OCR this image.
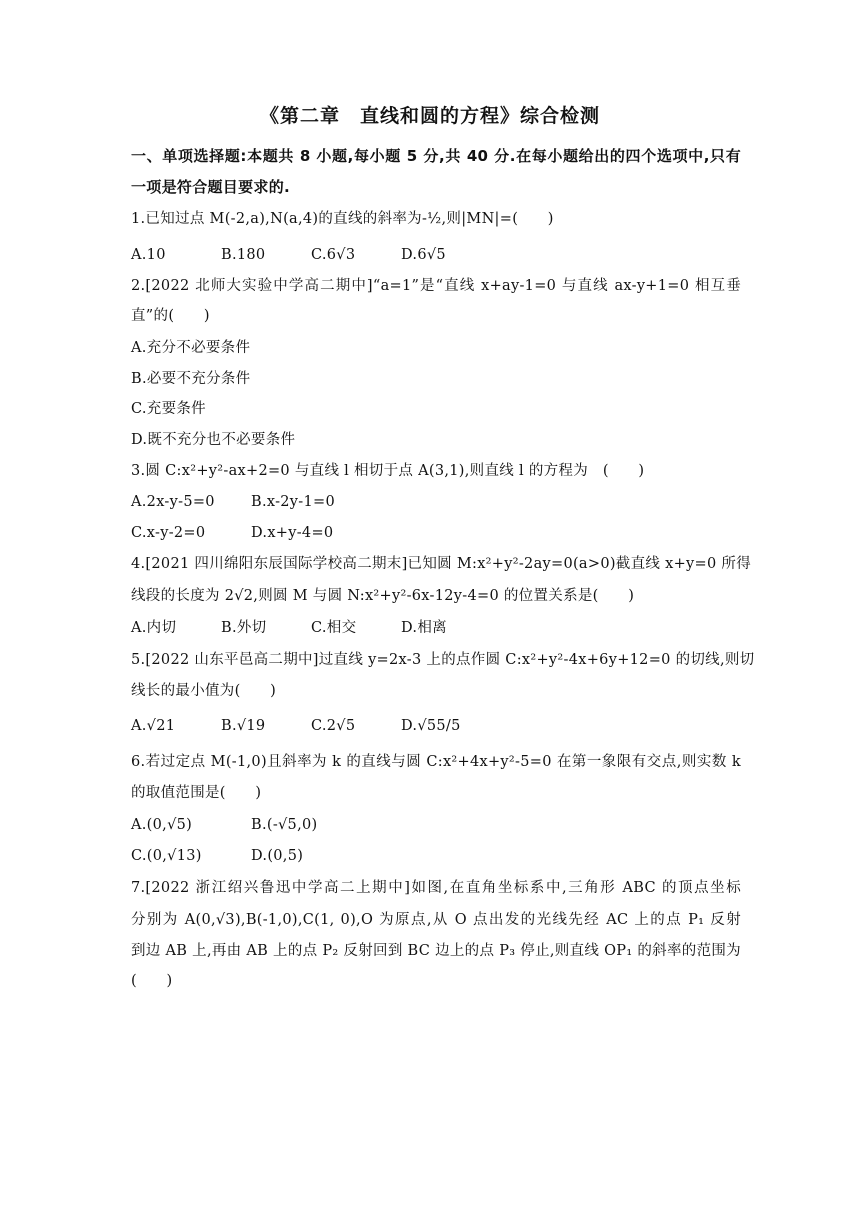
《第二章　直线和圆的方程》综合检测
一、单项选择题:本题共 8 小题,每小题 5 分,共 40 分.在每小题给出的四个选项中,只有
一项是符合题目要求的.
1.已知过点 M(-2,a),N(a,4)的直线的斜率为-½,则|MN|=(　　)
A.10	B.180	C.6√3	D.6√5
2.[2022 北师大实验中学高二期中]“a=1”是“直线 x+ay-1=0 与直线 ax-y+1=0 相互垂
直”的(　　)
A.充分不必要条件
B.必要不充分条件
C.充要条件
D.既不充分也不必要条件
3.圆 C:x²+y²-ax+2=0 与直线 l 相切于点 A(3,1),则直线 l 的方程为　(　　)
A.2x-y-5=0	B.x-2y-1=0
C.x-y-2=0	D.x+y-4=0
4.[2021 四川绵阳东辰国际学校高二期末]已知圆 M:x²+y²-2ay=0(a>0)截直线 x+y=0 所得
线段的长度为 2√2,则圆 M 与圆 N:x²+y²-6x-12y-4=0 的位置关系是(　　)
A.内切	B.外切	C.相交	D.相离
5.[2022 山东平邑高二期中]过直线 y=2x-3 上的点作圆 C:x²+y²-4x+6y+12=0 的切线,则切
线长的最小值为(　　)
A.√21	B.√19	C.2√5	D.√55/5
6.若过定点 M(-1,0)且斜率为 k 的直线与圆 C:x²+4x+y²-5=0 在第一象限有交点,则实数 k
的取值范围是(　　)
A.(0,√5)	B.(-√5,0)
C.(0,√13)	D.(0,5)
7.[2022 浙江绍兴鲁迅中学高二上期中]如图,在直角坐标系中,三角形 ABC 的顶点坐标
分别为 A(0,√3),B(-1,0),C(1, 0),O 为原点,从 O 点出发的光线先经 AC 上的点 P₁ 反射
到边 AB 上,再由 AB 上的点 P₂ 反射回到 BC 边上的点 P₃ 停止,则直线 OP₁ 的斜率的范围为
(　　)
